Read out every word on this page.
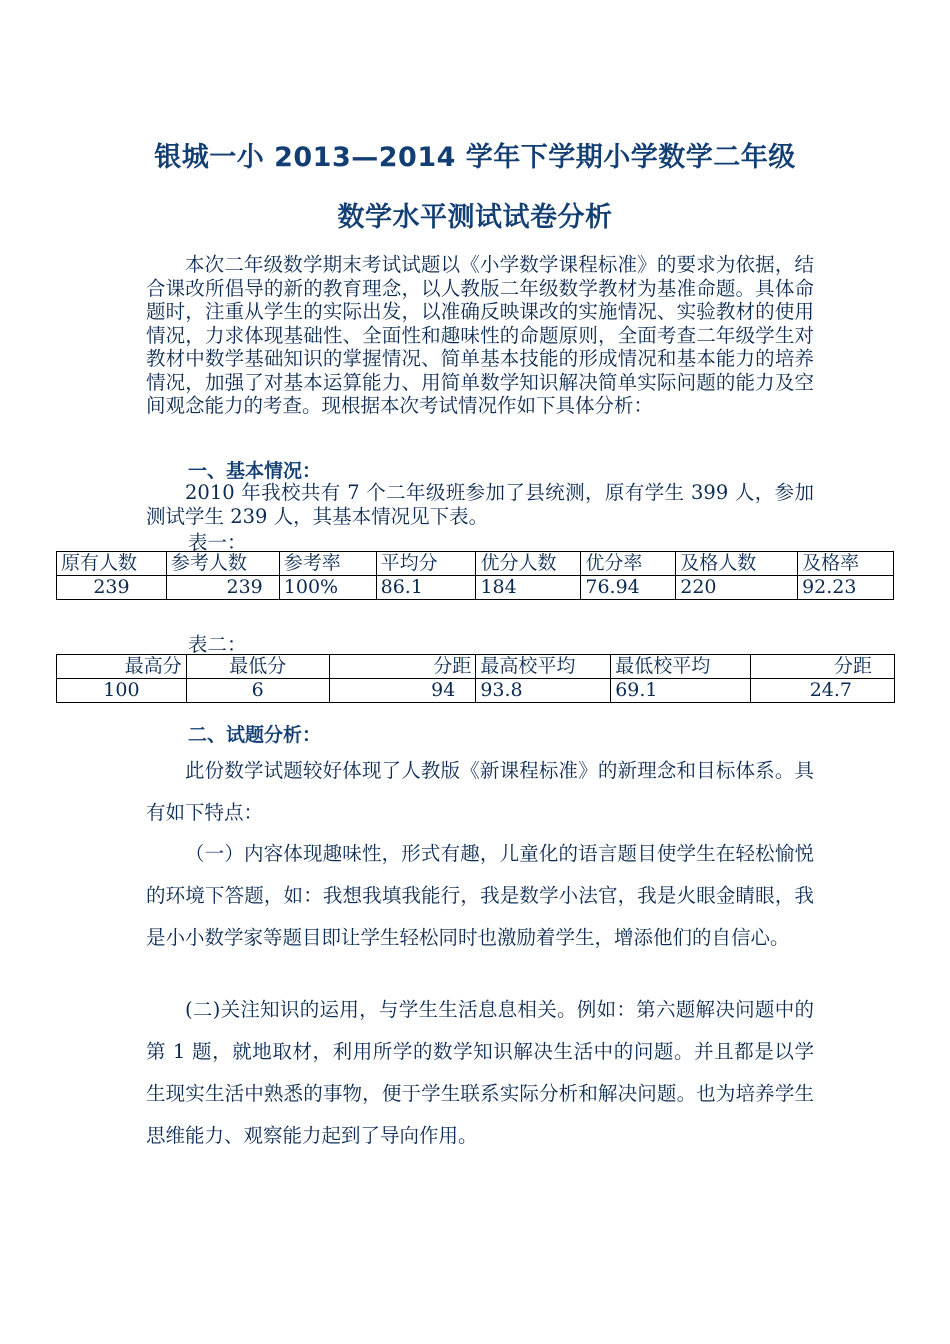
银城一小 2013—2014 学年下学期小学数学二年级
数学水平测试试卷分析

本次二年级数学期末考试试题以《小学数学课程标准》的要求为依据，结合课改所倡导的新的教育理念，以人教版二年级数学教材为基准命题。具体命题时，注重从学生的实际出发，以准确反映课改的实施情况、实验教材的使用情况，力求体现基础性、全面性和趣味性的命题原则，全面考查二年级学生对教材中数学基础知识的掌握情况、简单基本技能的形成情况和基本能力的培养情况，加强了对基本运算能力、用简单数学知识解决简单实际问题的能力及空间观念能力的考查。现根据本次考试情况作如下具体分析：

一、基本情况：

2010 年我校共有 7 个二年级班参加了县统测，原有学生 399 人，参加测试学生 239 人，其基本情况见下表。

表一：
原有人数	参考人数	参考率	平均分	优分人数	优分率	及格人数	及格率
239	239	100%	86.1	184	76.94	220	92.23
表二：
最高分	最低分	分距	最高校平均	最低校平均	分距
100	6	94	93.8	69.1	24.7
二、试题分析：

此份数学试题较好体现了人教版《新课程标准》的新理念和目标体系。具有如下特点：

（一）内容体现趣味性，形式有趣，儿童化的语言题目使学生在轻松愉悦的环境下答题，如：我想我填我能行，我是数学小法官，我是火眼金睛眼，我是小小数学家等题目即让学生轻松同时也激励着学生，增添他们的自信心。

(二)关注知识的运用，与学生生活息息相关。例如：第六题解决问题中的第 1 题，就地取材，利用所学的数学知识解决生活中的问题。并且都是以学生现实生活中熟悉的事物，便于学生联系实际分析和解决问题。也为培养学生思维能力、观察能力起到了导向作用。
